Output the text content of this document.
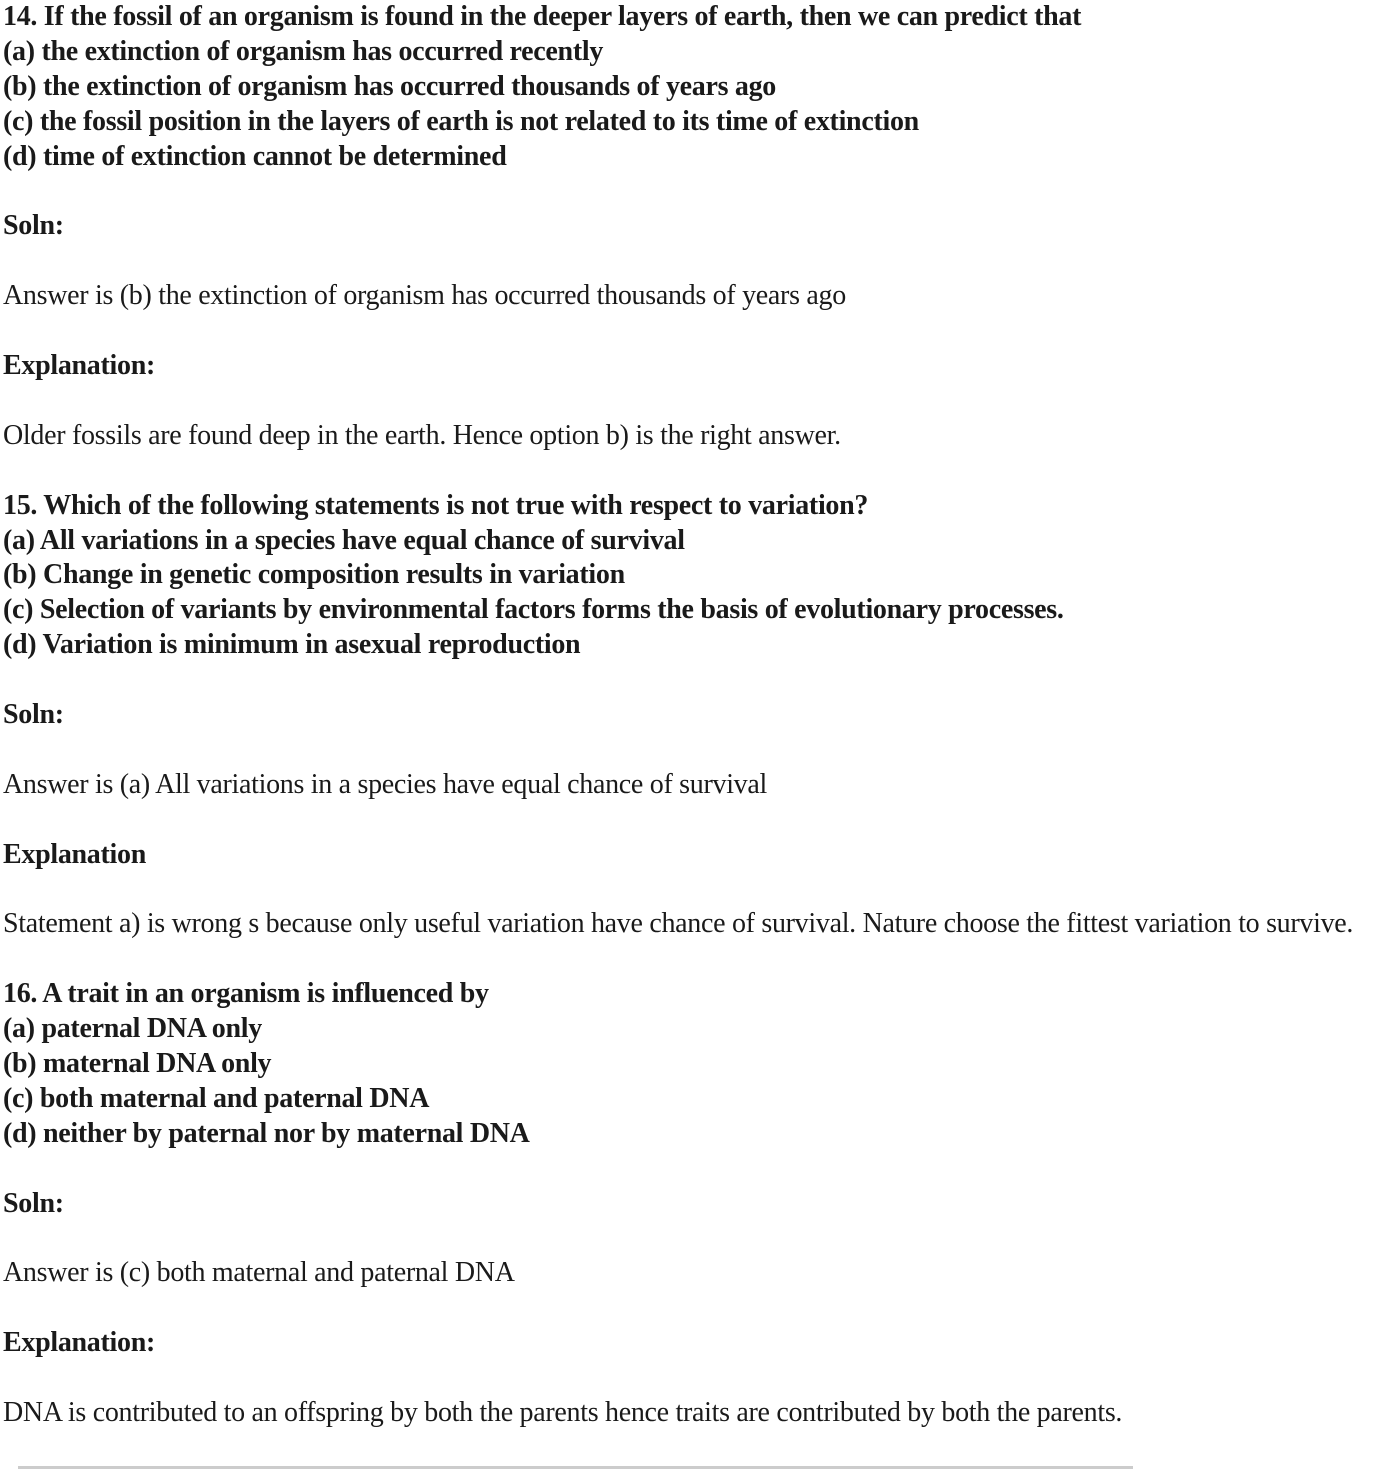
14. If the fossil of an organism is found in the deeper layers of earth, then we can predict that
(a) the extinction of organism has occurred recently
(b) the extinction of organism has occurred thousands of years ago
(c) the fossil position in the layers of earth is not related to its time of extinction
(d) time of extinction cannot be determined
Soln:
Answer is (b) the extinction of organism has occurred thousands of years ago
Explanation:
Older fossils are found deep in the earth. Hence option b) is the right answer.
15. Which of the following statements is not true with respect to variation?
(a) All variations in a species have equal chance of survival
(b) Change in genetic composition results in variation
(c) Selection of variants by environmental factors forms the basis of evolutionary processes.
(d) Variation is minimum in asexual reproduction
Soln:
Answer is (a) All variations in a species have equal chance of survival
Explanation
Statement a) is wrong s because only useful variation have chance of survival. Nature choose the fittest variation to survive.
16. A trait in an organism is influenced by
(a) paternal DNA only
(b) maternal DNA only
(c) both maternal and paternal DNA
(d) neither by paternal nor by maternal DNA
Soln:
Answer is (c) both maternal and paternal DNA
Explanation:
DNA is contributed to an offspring by both the parents hence traits are contributed by both the parents.
